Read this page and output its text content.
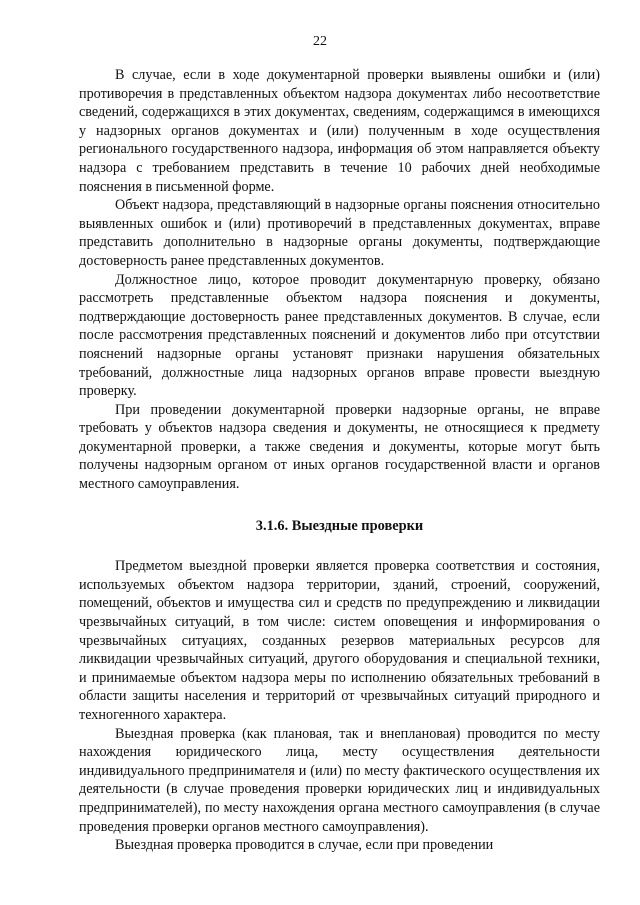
22

В случае, если в ходе документарной проверки выявлены ошибки и (или) противоречия в представленных объектом надзора документах либо несоответствие сведений, содержащихся в этих документах, сведениям, содержащимся в имеющихся у надзорных органов документах и (или) полученным в ходе осуществления регионального государственного надзора, информация об этом направляется объекту надзора с требованием представить в течение 10 рабочих дней необходимые пояснения в письменной форме.

Объект надзора, представляющий в надзорные органы пояснения относительно выявленных ошибок и (или) противоречий в представленных документах, вправе представить дополнительно в надзорные органы документы, подтверждающие достоверность ранее представленных документов.

Должностное лицо, которое проводит документарную проверку, обязано рассмотреть представленные объектом надзора пояснения и документы, подтверждающие достоверность ранее представленных документов. В случае, если после рассмотрения представленных пояснений и документов либо при отсутствии пояснений надзорные органы установят признаки нарушения обязательных требований, должностные лица надзорных органов вправе провести выездную проверку.

При проведении документарной проверки надзорные органы, не вправе требовать у объектов надзора сведения и документы, не относящиеся к предмету документарной проверки, а также сведения и документы, которые могут быть получены надзорным органом от иных органов государственной власти и органов местного самоуправления.

3.1.6. Выездные проверки

Предметом выездной проверки является проверка соответствия и состояния, используемых объектом надзора территории, зданий, строений, сооружений, помещений, объектов и имущества сил и средств по предупреждению и ликвидации чрезвычайных ситуаций, в том числе: систем оповещения и информирования о чрезвычайных ситуациях, созданных резервов материальных ресурсов для ликвидации чрезвычайных ситуаций, другого оборудования и специальной техники, и принимаемые объектом надзора меры по исполнению обязательных требований в области защиты населения и территорий от чрезвычайных ситуаций природного и техногенного характера.

Выездная проверка (как плановая, так и внеплановая) проводится по месту нахождения юридического лица, месту осуществления деятельности индивидуального предпринимателя и (или) по месту фактического осуществления их деятельности (в случае проведения проверки юридических лиц и индивидуальных предпринимателей), по месту нахождения органа местного самоуправления (в случае проведения проверки органов местного самоуправления).

Выездная проверка проводится в случае, если при проведении
